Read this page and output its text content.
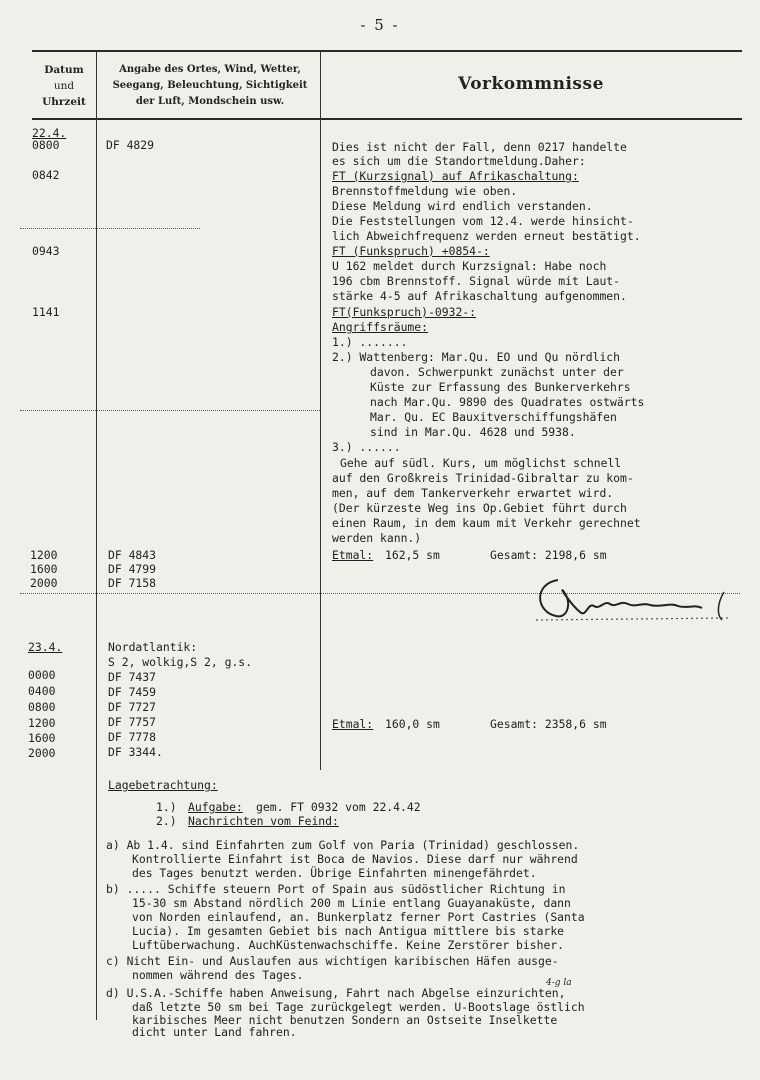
- 5 -
Datum
und
Uhrzeit
Angabe des Ortes, Wind, Wetter,
Seegang, Beleuchtung, Sichtigkeit
der Luft, Mondschein usw.
Vorkommnisse
22.4.
0800
0842
0943
1141
1200
1600
2000
23.4.
0000
0400
0800
1200
1600
2000
DF 4829
DF 4843
DF 4799
DF 7158
Nordatlantik:
S 2, wolkig,S 2, g.s.
DF 7437
DF 7459
DF 7727
DF 7757
DF 7778
DF 3344.
Dies ist nicht der Fall, denn 0217 handelte
es sich um die Standortmeldung.Daher:
FT (Kurzsignal) auf Afrikaschaltung:
Brennstoffmeldung wie oben.
Diese Meldung wird endlich verstanden.
Die Feststellungen vom 12.4. werde hinsicht-
lich Abweichfrequenz werden erneut bestätigt.
FT (Funkspruch) +0854-:
U 162 meldet durch Kurzsignal: Habe noch
196 cbm Brennstoff. Signal würde mit Laut-
stärke 4-5 auf Afrikaschaltung aufgenommen.
FT(Funkspruch)-0932-:
Angriffsräume:
1.) .......
2.) Wattenberg: Mar.Qu. EO und Qu nördlich
davon. Schwerpunkt zunächst unter der
Küste zur Erfassung des Bunkerverkehrs
nach Mar.Qu. 9890 des Quadrates ostwärts
Mar. Qu. EC Bauxitverschiffungshäfen
sind in Mar.Qu. 4628 und 5938.
3.) ......
Gehe auf südl. Kurs, um möglichst schnell
auf den Großkreis Trinidad-Gibraltar zu kom-
men, auf dem Tankerverkehr erwartet wird.
(Der kürzeste Weg ins Op.Gebiet führt durch
einen Raum, in dem kaum mit Verkehr gerechnet
werden kann.)
Etmal: 162,5 sm	Gesamt: 2198,6 sm
Etmal: 160,0 sm	Gesamt: 2358,6 sm
Lagebetrachtung:
1.) Aufgabe: gem. FT 0932 vom 22.4.42
2.) Nachrichten vom Feind:
a) Ab 1.4. sind Einfahrten zum Golf von Paria (Trinidad) geschlossen.
Kontrollierte Einfahrt ist Boca de Navios. Diese darf nur während
des Tages benutzt werden. Übrige Einfahrten minengefährdet.
b) ..... Schiffe steuern Port of Spain aus südöstlicher Richtung in
15-30 sm Abstand nördlich 200 m Linie entlang Guayanaküste, dann
von Norden einlaufend, an. Bunkerplatz ferner Port Castries (Santa
Lucia). Im gesamten Gebiet bis nach Antigua mittlere bis starke
Luftüberwachung. AuchKüstenwachschiffe. Keine Zerstörer bisher.
c) Nicht Ein- und Auslaufen aus wichtigen karibischen Häfen ausge-
nommen während des Tages.
4-g la
d) U.S.A.-Schiffe haben Anweisung, Fahrt nach Abgelse einzurichten,
daß letzte 50 sm bei Tage zurückgelegt werden. U-Bootslage östlich
karibisches Meer nicht benutzen Sondern an Ostseite Inselkette
dicht unter Land fahren.
